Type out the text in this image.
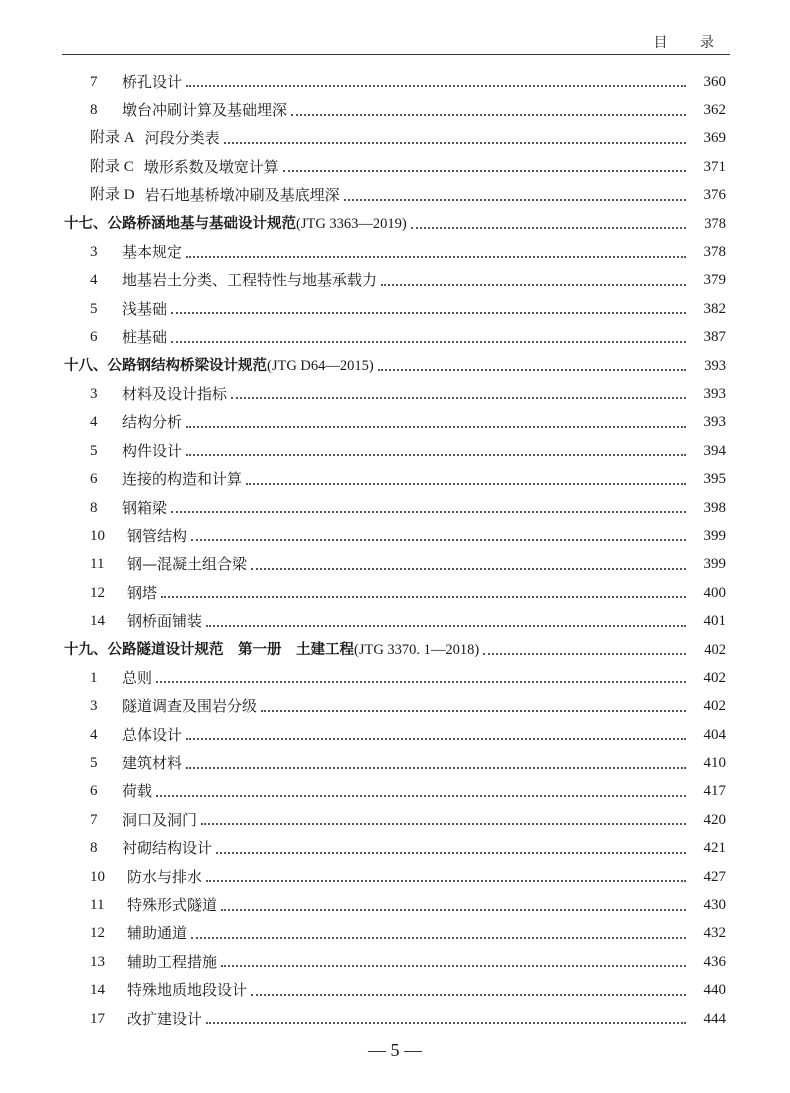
目 录
7	桥孔设计	360
8	墩台冲刷计算及基础埋深	362
附录 A 河段分类表	369
附录 C 墩形系数及墩宽计算	371
附录 D 岩石地基桥墩冲刷及基底埋深	376
十七、公路桥涵地基与基础设计规范 (JTG 3363—2019)	378
3	基本规定	378
4	地基岩土分类、工程特性与地基承载力	379
5	浅基础	382
6	桩基础	387
十八、公路钢结构桥梁设计规范 (JTG D64—2015)	393
3	材料及设计指标	393
4	结构分析	393
5	构件设计	394
6	连接的构造和计算	395
8	钢箱梁	398
10	钢管结构	399
11	钢—混凝土组合梁	399
12	钢塔	400
14	钢桥面铺装	401
十九、公路隧道设计规范　第一册　土建工程 (JTG 3370. 1—2018)	402
1	总则	402
3	隧道调查及围岩分级	402
4	总体设计	404
5	建筑材料	410
6	荷载	417
7	洞口及洞门	420
8	衬砌结构设计	421
10	防水与排水	427
11	特殊形式隧道	430
12	辅助通道	432
13	辅助工程措施	436
14	特殊地质地段设计	440
17	改扩建设计	444
— 5 —
